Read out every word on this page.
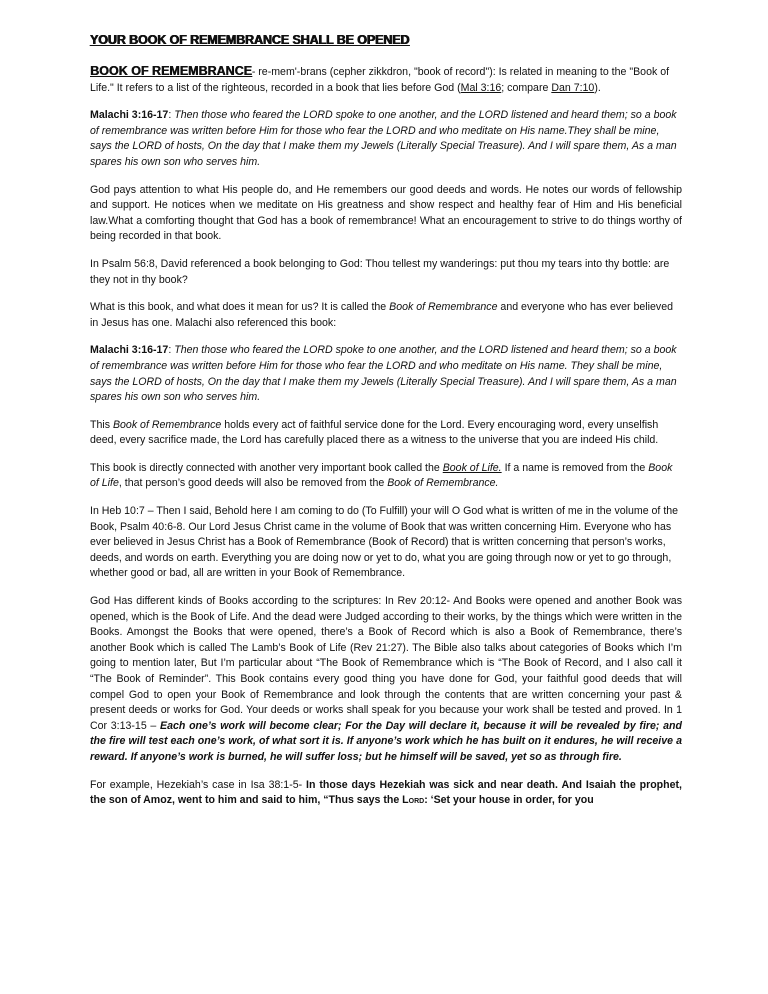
YOUR BOOK OF REMEMBRANCE SHALL BE OPENED

BOOK OF REMEMBRANCE- re-mem'-brans (cepher zikkdron, "book of record"): Is related in meaning to the "Book of Life." It refers to a list of the righteous, recorded in a book that lies before God (Mal 3:16; compare Dan 7:10).

Malachi 3:16-17: Then those who feared the LORD spoke to one another, and the LORD listened and heard them; so a book of remembrance was written before Him for those who fear the LORD and who meditate on His name.They shall be mine, says the LORD of hosts, On the day that I make them my Jewels (Literally Special Treasure). And I will spare them, As a man spares his own son who serves him.

God pays attention to what His people do, and He remembers our good deeds and words. He notes our words of fellowship and support. He notices when we meditate on His greatness and show respect and healthy fear of Him and His beneficial law.What a comforting thought that God has a book of remembrance! What an encouragement to strive to do things worthy of being recorded in that book.

In Psalm 56:8, David referenced a book belonging to God: Thou tellest my wanderings: put thou my tears into thy bottle: are they not in thy book?

What is this book, and what does it mean for us? It is called the Book of Remembrance and everyone who has ever believed in Jesus has one. Malachi also referenced this book:

Malachi 3:16-17: Then those who feared the LORD spoke to one another, and the LORD listened and heard them; so a book of remembrance was written before Him for those who fear the LORD and who meditate on His name. They shall be mine, says the LORD of hosts, On the day that I make them my Jewels (Literally Special Treasure). And I will spare them, As a man spares his own son who serves him.

This Book of Remembrance holds every act of faithful service done for the Lord. Every encouraging word, every unselfish deed, every sacrifice made, the Lord has carefully placed there as a witness to the universe that you are indeed His child.

This book is directly connected with another very important book called the Book of Life. If a name is removed from the Book of Life, that person’s good deeds will also be removed from the Book of Remembrance.

In Heb 10:7 – Then I said, Behold here I am coming to do (To Fulfill) your will O God what is written of me in the volume of the Book, Psalm 40:6-8. Our Lord Jesus Christ came in the volume of Book that was written concerning Him. Everyone who has ever believed in Jesus Christ has a Book of Remembrance (Book of Record) that is written concerning that person’s works, deeds, and words on earth. Everything you are doing now or yet to do, what you are going through now or yet to go through, whether good or bad, all are written in your Book of Remembrance.

God Has different kinds of Books according to the scriptures: In Rev 20:12- And Books were opened and another Book was opened, which is the Book of Life. And the dead were Judged according to their works, by the things which were written in the Books. Amongst the Books that were opened, there’s a Book of Record which is also a Book of Remembrance, there’s another Book which is called The Lamb’s Book of Life (Rev 21:27). The Bible also talks about categories of Books which I’m going to mention later, But I’m particular about “The Book of Remembrance which is “The Book of Record, and I also call it “The Book of Reminder”. This Book contains every good thing you have done for God, your faithful good deeds that will compel God to open your Book of Remembrance and look through the contents that are written concerning your past & present deeds or works for God. Your deeds or works shall speak for you because your work shall be tested and proved. In 1 Cor 3:13-15 – Each one’s work will become clear; For the Day will declare it, because it will be revealed by fire; and the fire will test each one’s work, of what sort it is. If anyone’s work which he has built on it endures, he will receive a reward. If anyone’s work is burned, he will suffer loss; but he himself will be saved, yet so as through fire.

For example, Hezekiah’s case in Isa 38:1-5- In those days Hezekiah was sick and near death. And Isaiah the prophet, the son of Amoz, went to him and said to him, “Thus says the Lord: ‘Set your house in order, for you
